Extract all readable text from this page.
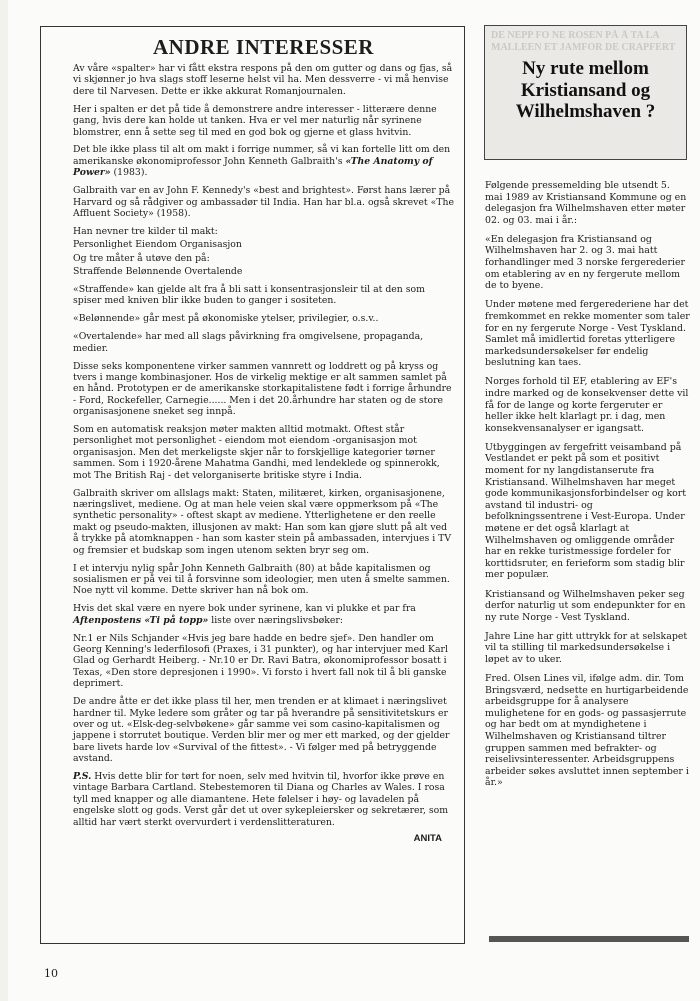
ANDRE INTERESSER

Av våre «spalter» har vi fått ekstra respons på den om gutter og dans og fjas, så vi skjønner jo hva slags stoff leserne helst vil ha. Men dessverre - vi må henvise dere til Narvesen. Dette er ikke akkurat Romanjournalen.

Her i spalten er det på tide å demonstrere andre interesser - litterære denne gang, hvis dere kan holde ut tanken. Hva er vel mer naturlig når syrinene blomstrer, enn å sette seg til med en god bok og gjerne et glass hvitvin.

Det ble ikke plass til alt om makt i forrige nummer, så vi kan fortelle litt om den amerikanske økonomiprofessor John Kenneth Galbraith's «The Anatomy of Power» (1983).

Galbraith var en av John F. Kennedy's «best and brightest». Først hans lærer på Harvard og så rådgiver og ambassadør til India. Han har bl.a. også skrevet «The Affluent Society» (1958).

Han nevner tre kilder til makt:

Personlighet Eiendom Organisasjon

Og tre måter å utøve den på:

Straffende Belønnende Overtalende

«Straffende» kan gjelde alt fra å bli satt i konsentrasjonsleir til at den som spiser med kniven blir ikke buden to ganger i sositeten.

«Belønnende» går mest på økonomiske ytelser, privilegier, o.s.v..

«Overtalende» har med all slags påvirkning fra omgivelsene, propaganda, medier.

Disse seks komponentene virker sammen vannrett og loddrett og på kryss og tvers i mange kombinasjoner. Hos de virkelig mektige er alt sammen samlet på en hånd. Prototypen er de amerikanske storkapitalistene født i forrige århundre - Ford, Rockefeller, Carnegie...... Men i det 20.århundre har staten og de store organisasjonene sneket seg innpå.

Som en automatisk reaksjon møter makten alltid motmakt. Oftest står personlighet mot personlighet - eiendom mot eiendom -organisasjon mot organisasjon. Men det merkeligste skjer når to forskjellige kategorier tørner sammen. Som i 1920-årene Mahatma Gandhi, med lendeklede og spinnerokk, mot The British Raj - det velorganiserte britiske styre i India.

Galbraith skriver om allslags makt: Staten, militæret, kirken, organisasjonene, næringslivet, mediene. Og at man hele veien skal være oppmerksom på «The synthetic personality» - oftest skapt av mediene. Ytterlighetene er den reelle makt og pseudo-makten, illusjonen av makt: Han som kan gjøre slutt på alt ved å trykke på atomknappen - han som kaster stein på ambassaden, intervjues i TV og fremsier et budskap som ingen utenom sekten bryr seg om.

I et intervju nylig spår John Kenneth Galbraith (80) at både kapitalismen og sosialismen er på vei til å forsvinne som ideologier, men uten å smelte sammen. Noe nytt vil komme. Dette skriver han nå bok om.

Hvis det skal være en nyere bok under syrinene, kan vi plukke et par fra Aftenpostens «Ti på topp» liste over næringslivsbøker:

Nr.1 er Nils Schjander «Hvis jeg bare hadde en bedre sjef». Den handler om Georg Kenning's lederfilosofi (Praxes, i 31 punkter), og har intervjuer med Karl Glad og Gerhardt Heiberg. - Nr.10 er Dr. Ravi Batra, økonomiprofessor bosatt i Texas, «Den store depresjonen i 1990». Vi forsto i hvert fall nok til å bli ganske deprimert.

De andre åtte er det ikke plass til her, men trenden er at klimaet i næringslivet hardner til. Myke ledere som gråter og tar på hverandre på sensitivitetskurs er over og ut. «Elsk-deg-selvbøkene» går samme vei som casino-kapitalismen og jappene i storrutet boutique. Verden blir mer og mer ett marked, og der gjelder bare livets harde lov «Survival of the fittest». - Vi følger med på betryggende avstand.

P.S. Hvis dette blir for tørt for noen, selv med hvitvin til, hvorfor ikke prøve en vintage Barbara Cartland. Stebestemoren til Diana og Charles av Wales. I rosa tyll med knapper og alle diamantene. Hete følelser i høy- og lavadelen på engelske slott og gods. Verst går det ut over sykepleiersker og sekretærer, som alltid har vært sterkt overvurdert i verdenslitteraturen.

ANITA

DE NEPP FO NE ROSEN PÅ Å TA LA MALLEEN ET JAMFOR DE CRAPFERT
Ny rute mellom
Kristiansand og
Wilhelmshaven ?

Følgende pressemelding ble utsendt 5. mai 1989 av Kristiansand Kommune og en delegasjon fra Wilhelmshaven etter møter 02. og 03. mai i år.:

«En delegasjon fra Kristiansand og Wilhelmshaven har 2. og 3. mai hatt forhandlinger med 3 norske fergerederier om etablering av en ny fergerute mellom de to byene.

Under møtene med fergerederiene har det fremkommet en rekke momenter som taler for en ny fergerute Norge - Vest Tyskland. Samlet må imidlertid foretas ytterligere markedsundersøkelser før endelig beslutning kan taes.

Norges forhold til EF, etablering av EF's indre marked og de konsekvenser dette vil få for de lange og korte fergeruter er heller ikke helt klarlagt pr. i dag, men konsekvensanalyser er igangsatt.

Utbyggingen av fergefritt veisamband på Vestlandet er pekt på som et positivt moment for ny langdistanserute fra Kristiansand. Wilhelmshaven har meget gode kommunikasjonsforbindelser og kort avstand til industri- og befolkningssentrene i Vest-Europa. Under møtene er det også klarlagt at Wilhelmshaven og omliggende områder har en rekke turistmessige fordeler for korttidsruter, en ferieform som stadig blir mer populær.

Kristiansand og Wilhelmshaven peker seg derfor naturlig ut som endepunkter for en ny rute Norge - Vest Tyskland.

Jahre Line har gitt uttrykk for at selskapet vil ta stilling til markedsundersøkelse i løpet av to uker.

Fred. Olsen Lines vil, ifølge adm. dir. Tom Bringsværd, nedsette en hurtigarbeidende arbeidsgruppe for å analysere mulighetene for en gods- og passasjerrute og har bedt om at myndighetene i Wilhelmshaven og Kristiansand tiltrer gruppen sammen med befrakter- og reiselivsinteressenter. Arbeidsgruppens arbeider søkes avsluttet innen september i år.»

10
